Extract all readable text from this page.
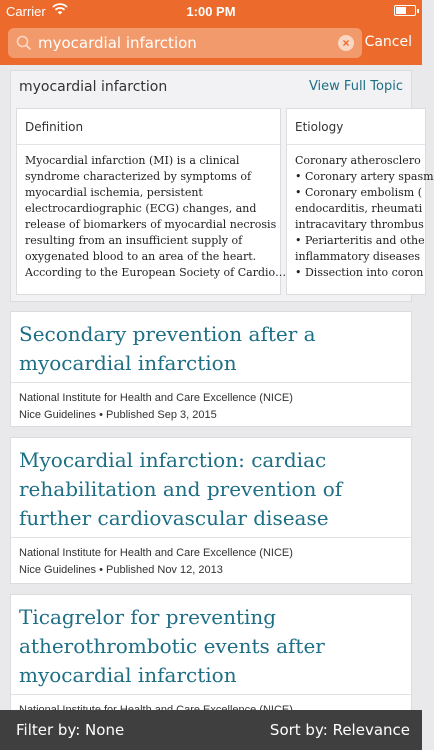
Carrier	1:00 PM
myocardial infarction	×	Cancel
myocardial infarction	View Full Topic
Definition

Myocardial infarction (MI) is a clinical

syndrome characterized by symptoms of

myocardial ischemia, persistent

electrocardiographic (ECG) changes, and

release of biomarkers of myocardial necrosis

resulting from an insufficient supply of

oxygenated blood to an area of the heart.

According to the European Society of Cardio…

Etiology

Coronary atherosclero

• Coronary artery spasm

• Coronary embolism (

endocarditis, rheumati

intracavitary thrombus

• Periarteritis and othe

inflammatory diseases

• Dissection into coron

Secondary prevention after a
myocardial infarction
National Institute for Health and Care Excellence (NICE)
Nice Guidelines • Published Sep 3, 2015
Myocardial infarction: cardiac
rehabilitation and prevention of
further cardiovascular disease
National Institute for Health and Care Excellence (NICE)
Nice Guidelines • Published Nov 12, 2013
Ticagrelor for preventing
atherothrombotic events after
myocardial infarction
Filter by: None	Sort by: Relevance
